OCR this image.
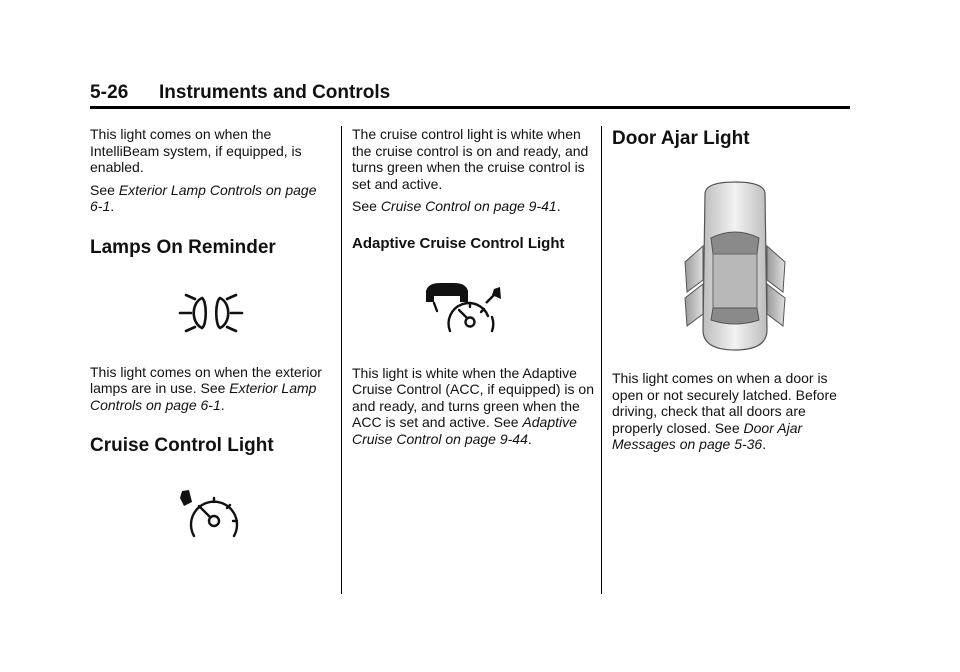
5-26 Instruments and Controls

This light comes on when the IntelliBeam system, if equipped, is enabled.

See Exterior Lamp Controls on page 6-1.

Lamps On Reminder

This light comes on when the exterior lamps are in use. See Exterior Lamp Controls on page 6-1.

Cruise Control Light

The cruise control light is white when the cruise control is on and ready, and turns green when the cruise control is set and active.

See Cruise Control on page 9-41.

Adaptive Cruise Control Light

This light is white when the Adaptive Cruise Control (ACC, if equipped) is on and ready, and turns green when the ACC is set and active. See Adaptive Cruise Control on page 9-44.

Door Ajar Light

This light comes on when a door is open or not securely latched. Before driving, check that all doors are properly closed. See Door Ajar Messages on page 5-36.
